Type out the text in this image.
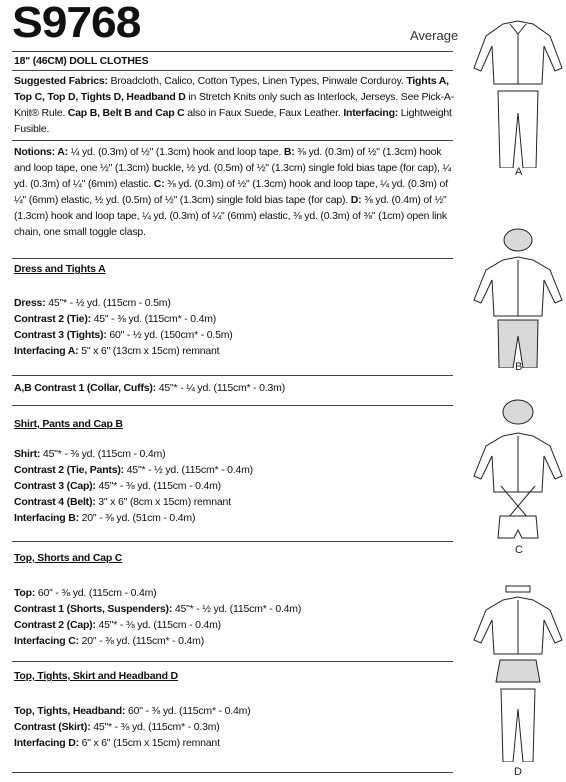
S9768	Average
18" (46CM) DOLL CLOTHES
Suggested Fabrics: Broadcloth, Calico, Cotton Types, Linen Types, Pinwale Corduroy. Tights A, Top C, Top D, Tights D, Headband D in Stretch Knits only such as Interlock, Jerseys. See Pick-A-Knit® Rule. Cap B, Belt B and Cap C also in Faux Suede, Faux Leather. Interfacing: Lightweight Fusible.
Notions: A: ¼ yd. (0.3m) of ½" (1.3cm) hook and loop tape. B: ⅜ yd. (0.3m) of ½" (1.3cm) hook and loop tape, one ½" (1.3cm) buckle, ½ yd. (0.5m) of ½" (1.3cm) single fold bias tape (for cap), ¼ yd. (0.3m) of ¼" (6mm) elastic. C: ⅜ yd. (0.3m) of ½" (1.3cm) hook and loop tape, ¼ yd. (0.3m) of ¼" (6mm) elastic, ½ yd. (0.5m) of ½" (1.3cm) single fold bias tape (for cap). D: ⅜ yd. (0.4m) of ½" (1.3cm) hook and loop tape, ¼ yd. (0.3m) of ¼" (6mm) elastic, ⅜ yd. (0.3m) of ⅜" (1cm) open link chain, one small toggle clasp.
Dress and Tights A
Dress: 45"* - ½ yd. (115cm - 0.5m)
Contrast 2 (Tie): 45" - ⅜ yd. (115cm* - 0.4m)
Contrast 3 (Tights): 60" - ½ yd. (150cm* - 0.5m)
Interfacing A: 5" x 6" (13cm x 15cm) remnant
A,B Contrast 1 (Collar, Cuffs): 45"* - ¼ yd. (115cm* - 0.3m)
Shirt, Pants and Cap B
Shirt: 45"* - ⅜ yd. (115cm - 0.4m)
Contrast 2 (Tie, Pants): 45"* - ½ yd. (115cm* - 0.4m)
Contrast 3 (Cap): 45"* - ⅜ yd. (115cm - 0.4m)
Contrast 4 (Belt): 3" x 6" (8cm x 15cm) remnant
Interfacing B: 20" - ⅜ yd. (51cm - 0.4m)
Top, Shorts and Cap C
Top: 60" - ⅜ yd. (115cm - 0.4m)
Contrast 1 (Shorts, Suspenders): 45"* - ½ yd. (115cm* - 0.4m)
Contrast 2 (Cap): 45"* - ⅜ yd. (115cm - 0.4m)
Interfacing C: 20" - ⅜ yd. (115cm* - 0.4m)
Top, Tights, Skirt and Headband D
Top, Tights, Headband: 60" - ⅜ yd. (115cm* - 0.4m)
Contrast (Skirt): 45"* - ⅜ yd. (115cm* - 0.3m)
Interfacing D: 6" x 6" (15cm x 15cm) remnant
A
B
C
D
